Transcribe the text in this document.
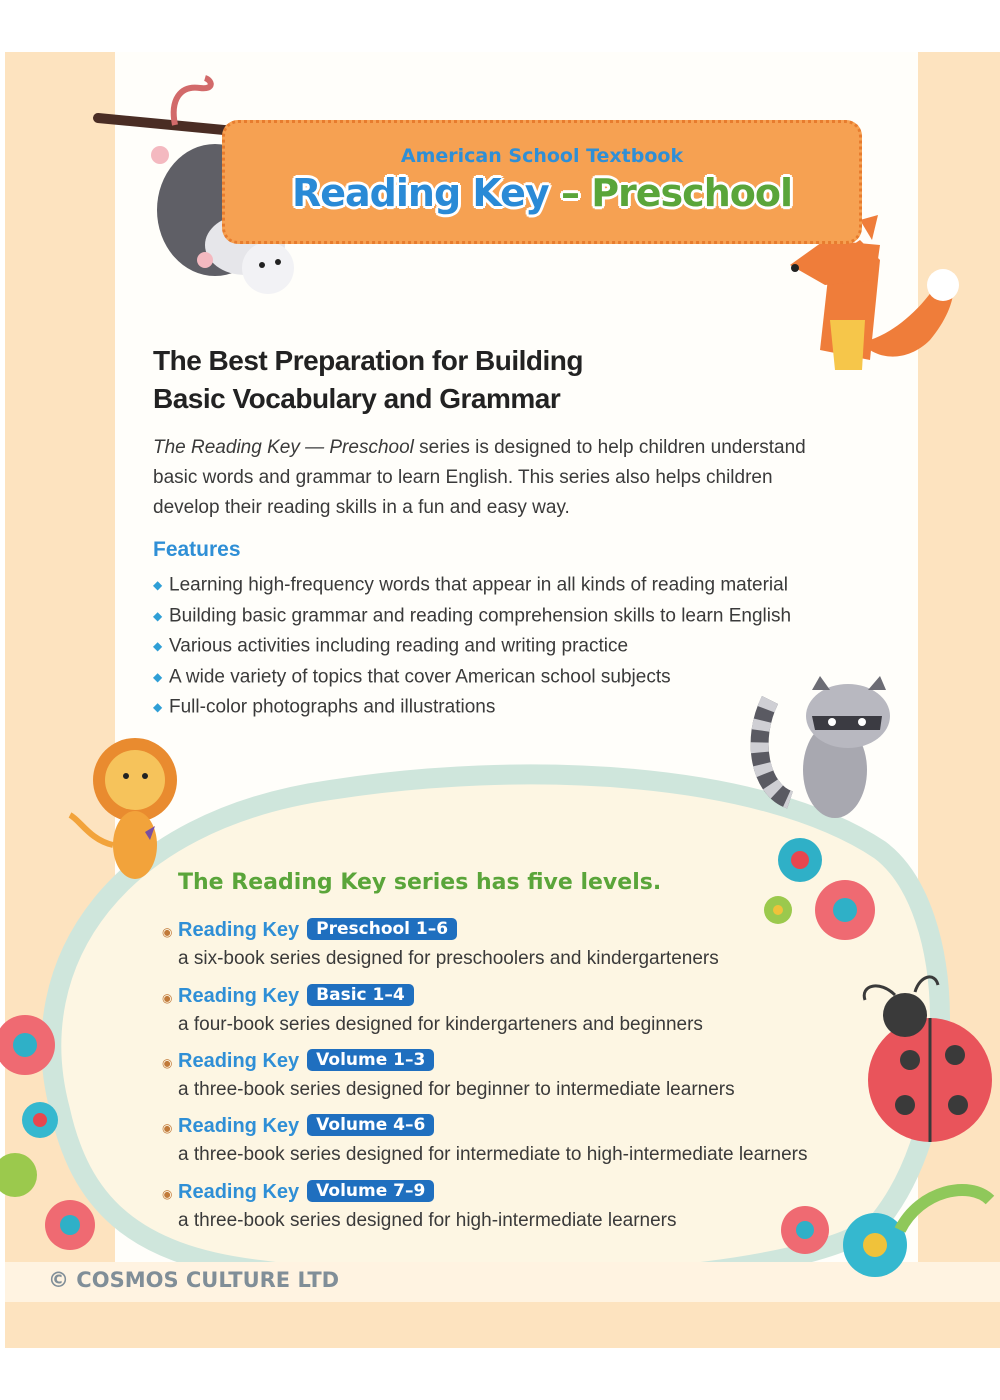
American School Textbook
Reading Key – Preschool
The Best Preparation for Building
Basic Vocabulary and Grammar
The Reading Key — Preschool series is designed to help children understand basic words and grammar to learn English. This series also helps children develop their reading skills in a fun and easy way.
Features
◆ Learning high-frequency words that appear in all kinds of reading material
◆ Building basic grammar and reading comprehension skills to learn English
◆ Various activities including reading and writing practice
◆ A wide variety of topics that cover American school subjects
◆ Full-color photographs and illustrations
The Reading Key series has five levels.
◉ Reading Key Preschool 1–6
a six-book series designed for preschoolers and kindergarteners
◉ Reading Key Basic 1–4
a four-book series designed for kindergarteners and beginners
◉ Reading Key Volume 1–3
a three-book series designed for beginner to intermediate learners
◉ Reading Key Volume 4–6
a three-book series designed for intermediate to high-intermediate learners
◉ Reading Key Volume 7–9
a three-book series designed for high-intermediate learners
© COSMOS CULTURE LTD
